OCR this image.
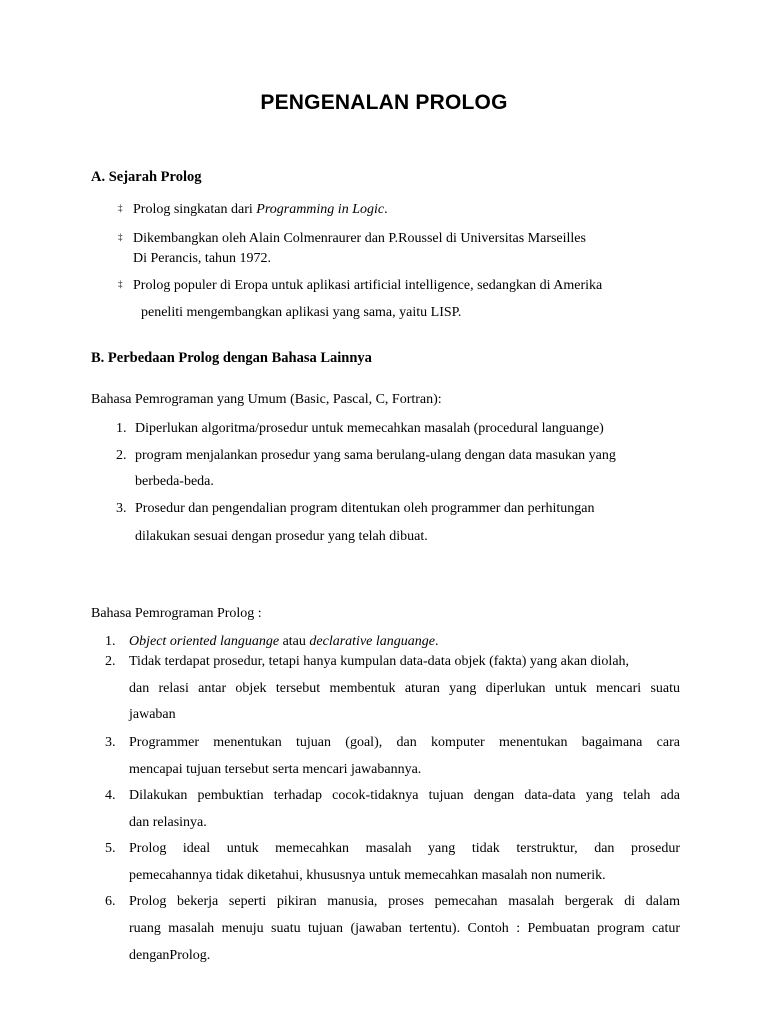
PENGENALAN PROLOG
A. Sejarah Prolog
‡ Prolog singkatan dari Programming in Logic.
‡ Dikembangkan oleh Alain Colmenraurer dan P.Roussel di Universitas Marseilles
Di Perancis, tahun 1972.
‡ Prolog populer di Eropa untuk aplikasi artificial intelligence, sedangkan di Amerika
peneliti mengembangkan aplikasi yang sama, yaitu LISP.
B. Perbedaan Prolog dengan Bahasa Lainnya
Bahasa Pemrograman yang Umum (Basic, Pascal, C, Fortran):
1. Diperlukan algoritma/prosedur untuk memecahkan masalah (procedural languange)
2. program menjalankan prosedur yang sama berulang-ulang dengan data masukan yang
berbeda-beda.
3. Prosedur dan pengendalian program ditentukan oleh programmer dan perhitungan
dilakukan sesuai dengan prosedur yang telah dibuat.
Bahasa Pemrograman Prolog :
1. Object oriented languange atau declarative languange.
2. Tidak terdapat prosedur, tetapi hanya kumpulan data-data objek (fakta) yang akan diolah,
dan relasi antar objek tersebut membentuk aturan yang diperlukan untuk mencari suatu
jawaban
3. Programmer menentukan tujuan (goal), dan komputer menentukan bagaimana cara
mencapai tujuan tersebut serta mencari jawabannya.
4. Dilakukan pembuktian terhadap cocok-tidaknya tujuan dengan data-data yang telah ada
dan relasinya.
5. Prolog ideal untuk memecahkan masalah yang tidak terstruktur, dan prosedur
pemecahannya tidak diketahui, khususnya untuk memecahkan masalah non numerik.
6. Prolog bekerja seperti pikiran manusia, proses pemecahan masalah bergerak di dalam
ruang masalah menuju suatu tujuan (jawaban tertentu). Contoh : Pembuatan program catur
denganProlog.
